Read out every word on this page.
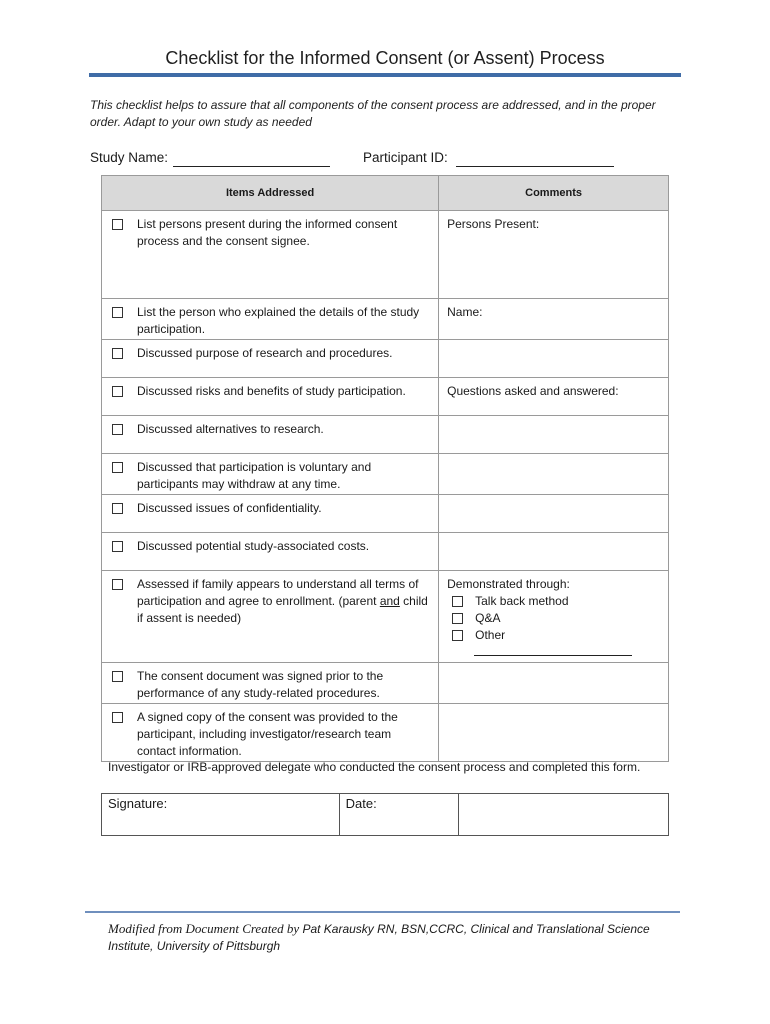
Checklist for the Informed Consent (or Assent) Process
This checklist helps to assure that all components of the consent process are addressed, and in the proper order. Adapt to your own study as needed
Study Name:	Participant ID:
Items Addressed	Comments

List persons present during the informed consent process and the consent signee.	Persons Present:

List the person who explained the details of the study participation.	Name:

Discussed purpose of research and procedures.	

Discussed risks and benefits of study participation.	Questions asked and answered:

Discussed alternatives to research.	

Discussed that participation is voluntary and participants may withdraw at any time.	

Discussed issues of confidentiality.	

Discussed potential study-associated costs.	

Assessed if family appears to understand all terms of participation and agree to enrollment. (parent and child if assent is needed)	Demonstrated through:
Talk back method
Q&A
Other

The consent document was signed prior to the performance of any study-related procedures.	

A signed copy of the consent was provided to the participant, including investigator/research team contact information.	

Investigator or IRB-approved delegate who conducted the consent process and completed this form.
Signature:	Date:	
Modified from Document Created by Pat Karausky RN, BSN,CCRC, Clinical and Translational Science Institute, University of Pittsburgh
